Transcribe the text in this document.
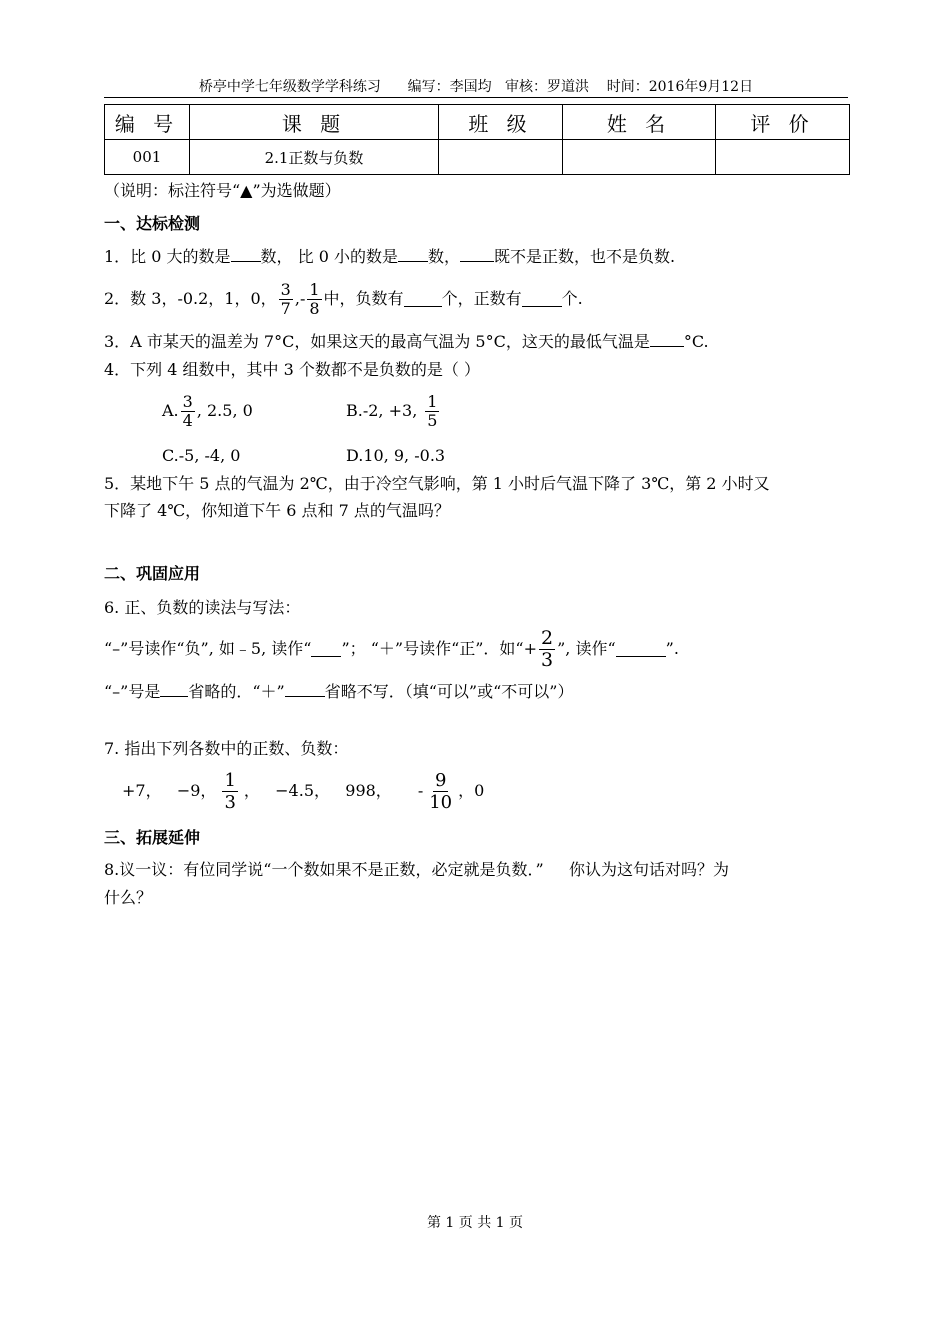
桥亭中学七年级数学学科练习      编写：李国均   审核：罗道洪    时间：2016年9月12日
编 号	课 题	班 级	姓 名	评 价
001	2.1正数与负数			
（说明：标注符号“▲”为选做题）
一、达标检测
1．比 0 大的数是 数， 比 0 小的数是 数， 既不是正数，也不是负数.
2．数 3，-0.2，1，0， $\frac{3}{7}$ ,- $\frac{1}{8}$ 中，负数有 个，正数有	个.
3．A 市某天的温差为 7°C，如果这天的最高气温为 5°C，这天的最低气温是 °C.
4．下列 4 组数中，其中 3 个数都不是负数的是（ ）
A. $\frac{3}{4}$ , 2.5, 0	B.-2, +3, $\frac{1}{5}$
C.-5, -4, 0	D.10, 9, -0.3
5．某地下午 5 点的气温为 2℃，由于冷空气影响，第 1 小时后气温下降了 3℃，第 2 小时又
下降了 4℃，你知道下午 6 点和 7 点的气温吗？
二、巩固应用
6. 正、负数的读法与写法：
“–”号读作“负”, 如﹣5, 读作“ ”； “＋”号读作“正”．如“+ $\frac{2}{3}$ ”, 读作“	”.
“–”号是 省略的．“＋”	省略不写．（填“可以”或“不可以”）
7. 指出下列各数中的正数、负数：
+7，   −9， $\frac{1}{3}$ ，   −4.5，   998， - $\frac{9}{10}$ ，0
三、拓展延伸
8.议一议：有位同学说“一个数如果不是正数，必定就是负数．”     你认为这句话对吗？为
什么？
第 1 页 共 1 页
